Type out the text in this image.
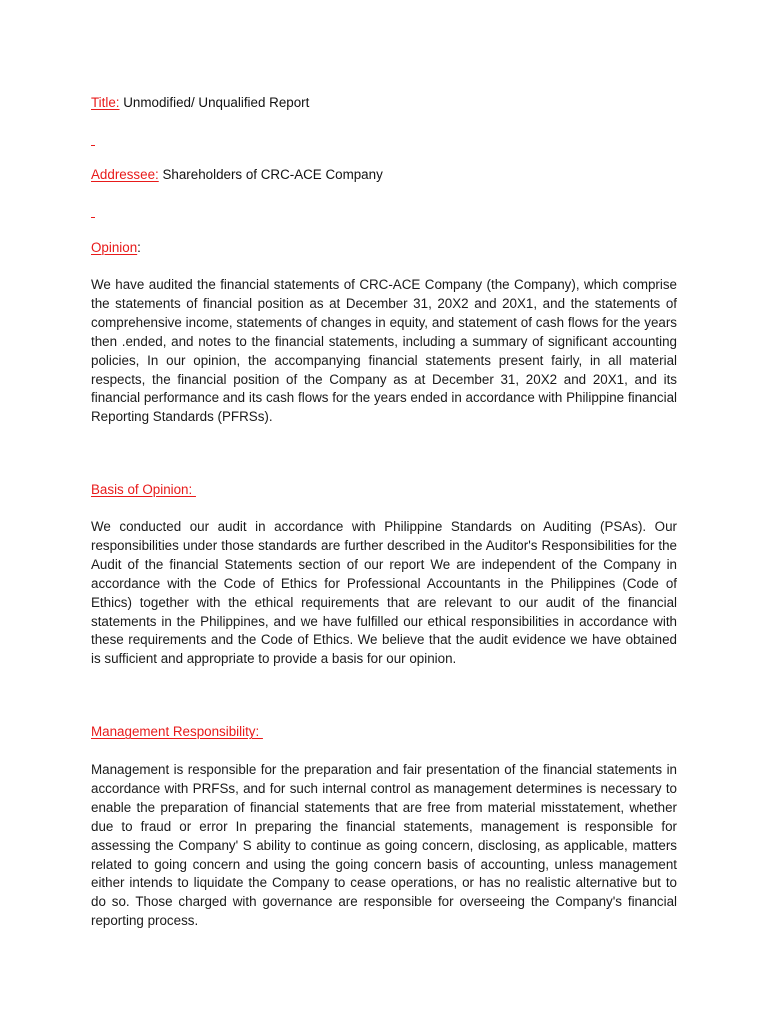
Title: Unmodified/ Unqualified Report
Addressee: Shareholders of CRC-ACE Company
Opinion:
We have audited the financial statements of CRC-ACE Company (the Company), which comprise the statements of financial position as at December 31, 20X2 and 20X1, and the statements of comprehensive income, statements of changes in equity, and statement of cash flows for the years then .ended, and notes to the financial statements, including a summary of significant accounting policies, In our opinion, the accompanying financial statements present fairly, in all material respects, the financial position of the Company as at December 31, 20X2 and 20X1, and its financial performance and its cash flows for the years ended in accordance with Philippine financial Reporting Standards (PFRSs).
Basis of Opinion:
We conducted our audit in accordance with Philippine Standards on Auditing (PSAs). Our responsibilities under those standards are further described in the Auditor's Responsibilities for the Audit of the financial Statements section of our report We are independent of the Company in accordance with the Code of Ethics for Professional Accountants in the Philippines (Code of Ethics) together with the ethical requirements that are relevant to our audit of the financial statements in the Philippines, and we have fulfilled our ethical responsibilities in accordance with these requirements and the Code of Ethics. We believe that the audit evidence we have obtained is sufficient and appropriate to provide a basis for our opinion.
Management Responsibility:
Management is responsible for the preparation and fair presentation of the financial statements in accordance with PRFSs, and for such internal control as management determines is necessary to enable the preparation of financial statements that are free from material misstatement, whether due to fraud or error In preparing the financial statements, management is responsible for assessing the Company' S ability to continue as going concern, disclosing, as applicable, matters related to going concern and using the going concern basis of accounting, unless management either intends to liquidate the Company to cease operations, or has no realistic alternative but to do so. Those charged with governance are responsible for overseeing the Company's financial reporting process.
